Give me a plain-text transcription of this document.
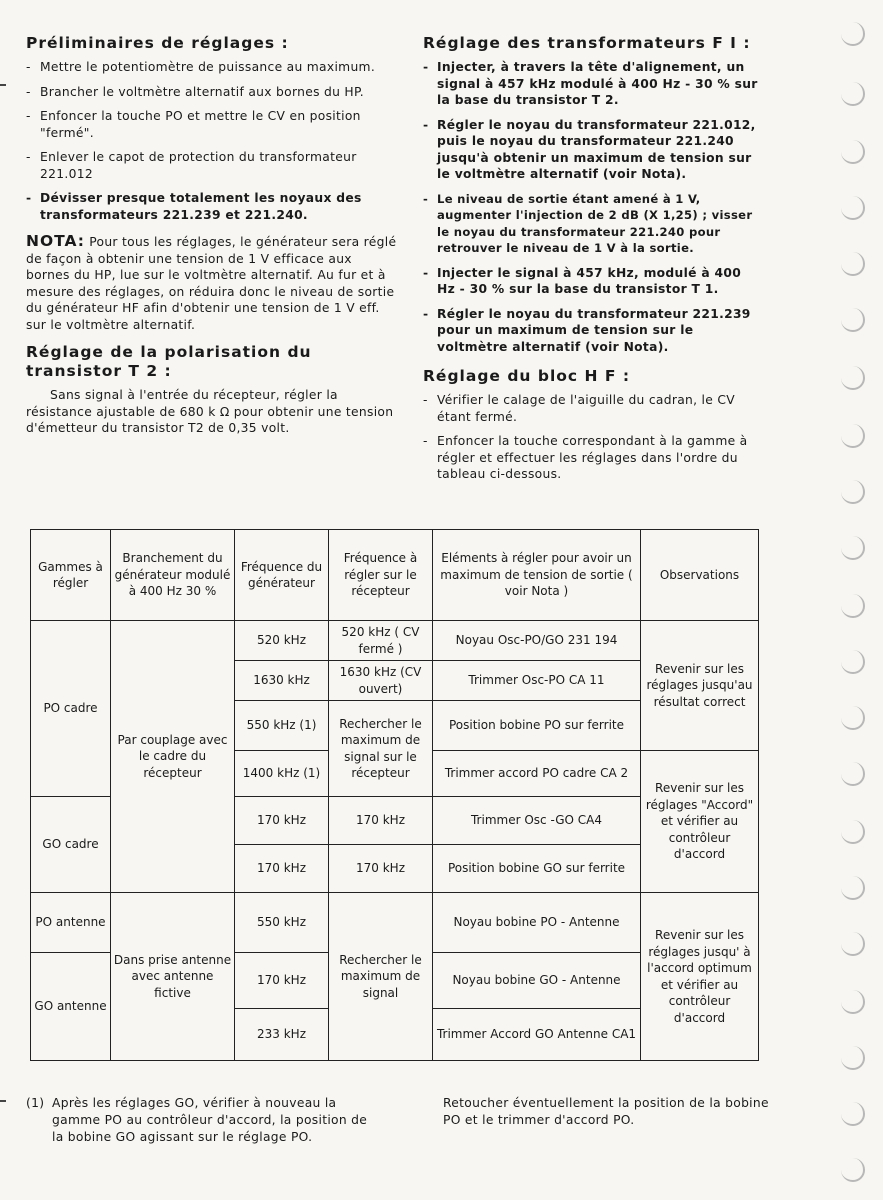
Préliminaires de réglages :
- Mettre le potentiomètre de puissance au maximum.
- Brancher le voltmètre alternatif aux bornes du HP.
- Enfoncer la touche PO et mettre le CV en position "fermé".
- Enlever le capot de protection du transformateur 221.012
- Dévisser presque totalement les noyaux des transformateurs 221.239 et 221.240.
NOTA: Pour tous les réglages, le générateur sera réglé de façon à obtenir une tension de 1 V efficace aux bornes du HP, lue sur le voltmètre alternatif. Au fur et à mesure des réglages, on réduira donc le niveau de sortie du générateur HF afin d'obtenir une tension de 1 V eff. sur le voltmètre alternatif.
Réglage de la polarisation du transistor T 2 :

Sans signal à l'entrée du récepteur, régler la résistance ajustable de 680 k Ω pour obtenir une tension d'émetteur du transistor T2 de 0,35 volt.

Réglage des transformateurs F I :
- Injecter, à travers la tête d'alignement, un signal à 457 kHz modulé à 400 Hz - 30 % sur la base du transistor T 2.
- Régler le noyau du transformateur 221.012, puis le noyau du transformateur 221.240 jusqu'à obtenir un maximum de tension sur le voltmètre alternatif (voir Nota).
- Le niveau de sortie étant amené à 1 V, augmenter l'injection de 2 dB (X 1,25) ; visser le noyau du transformateur 221.240 pour retrouver le niveau de 1 V à la sortie.
- Injecter le signal à 457 kHz, modulé à 400 Hz - 30 % sur la base du transistor T 1.
- Régler le noyau du transformateur 221.239 pour un maximum de tension sur le voltmètre alternatif (voir Nota).
Réglage du bloc H F :
- Vérifier le calage de l'aiguille du cadran, le CV étant fermé.
- Enfoncer la touche correspondant à la gamme à régler et effectuer les réglages dans l'ordre du tableau ci-dessous.
Gammes à régler	Branchement du générateur modulé à 400 Hz 30 %	Fréquence du générateur	Fréquence à régler sur le récepteur	Eléments à régler pour avoir un maximum de tension de sortie ( voir Nota )	Observations
PO cadre	Par couplage avec le cadre du récepteur	520 kHz	520 kHz ( CV fermé )	Noyau Osc-PO/GO 231 194	Revenir sur les réglages jusqu'au résultat correct
		1630 kHz	1630 kHz (CV ouvert)	Trimmer Osc-PO CA 11	
		550 kHz (1)	Rechercher le maximum de signal sur le récepteur	Position bobine PO sur ferrite	
		1400 kHz (1)		Trimmer accord PO cadre CA 2	Revenir sur les réglages "Accord" et vérifier au contrôleur d'accord
GO cadre		170 kHz	170 kHz	Trimmer Osc -GO CA4	
		170 kHz	170 kHz	Position bobine GO sur ferrite	
PO antenne	Dans prise antenne avec antenne fictive	550 kHz	Rechercher le maximum de signal	Noyau bobine PO - Antenne	Revenir sur les réglages jusqu' à l'accord optimum et vérifier au contrôleur d'accord
GO antenne		170 kHz		Noyau bobine GO - Antenne	
		233 kHz		Trimmer Accord GO Antenne CA1	
(1) Après les réglages GO, vérifier à nouveau la gamme PO au contrôleur d'accord, la position de la bobine GO agissant sur le réglage PO.
Retoucher éventuellement la position de la bobine PO et le trimmer d'accord PO.
